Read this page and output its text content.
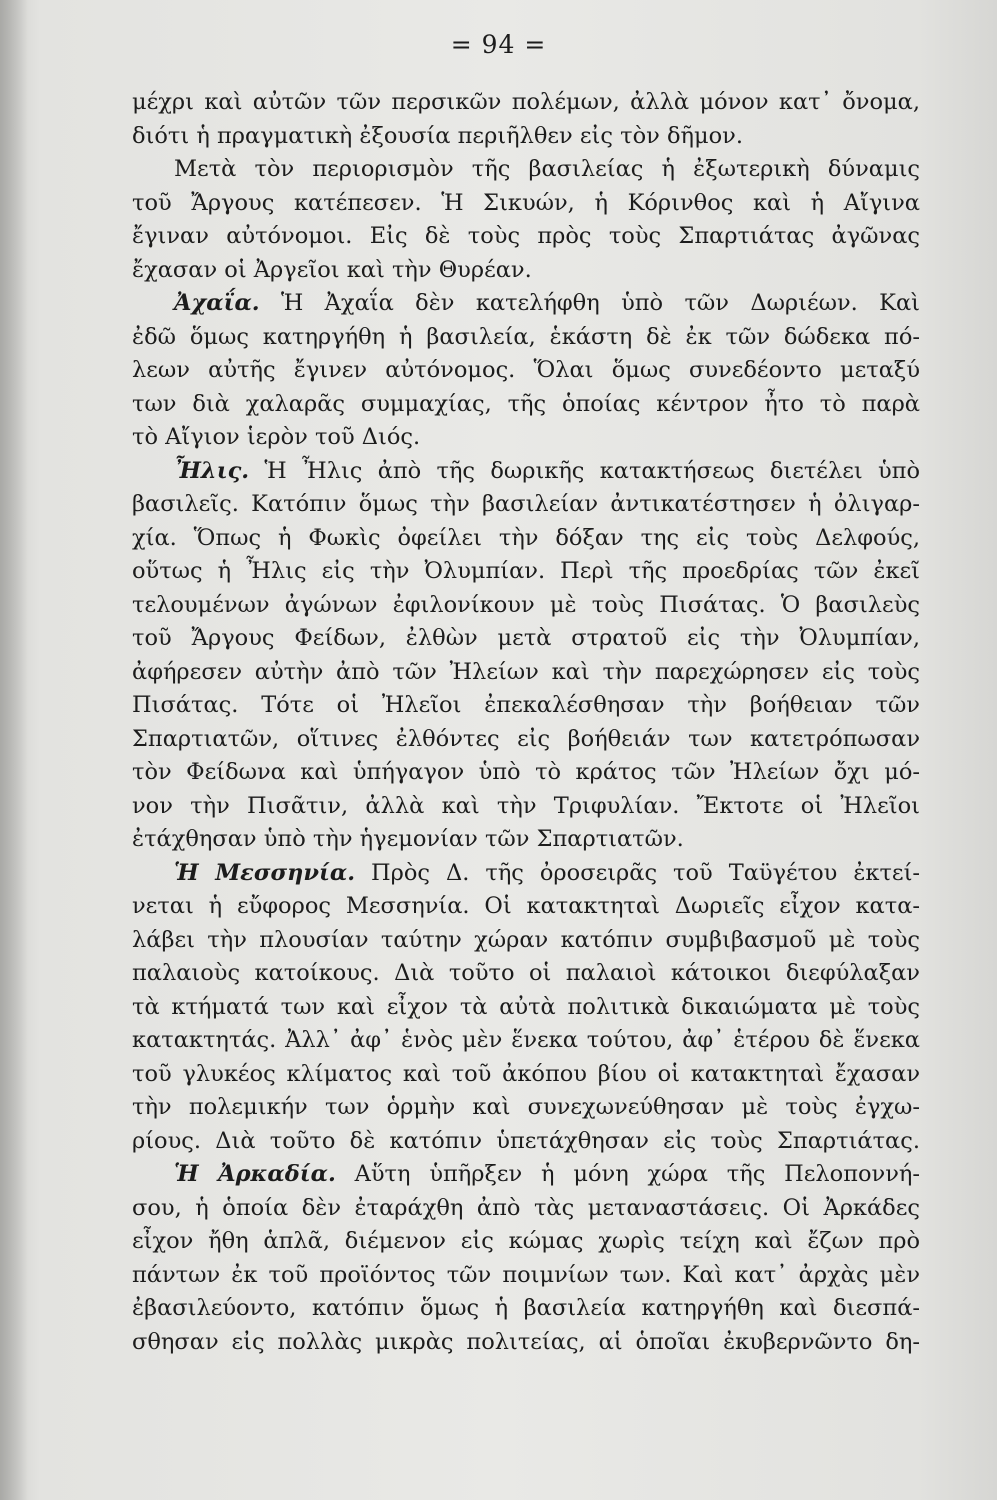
= 94 =
μέχρι καὶ αὐτῶν τῶν περσικῶν πολέμων, ἀλλὰ μόνον κατ᾽ ὄνομα,
διότι ἡ πραγματικὴ ἐξουσία περιῆλθεν εἰς τὸν δῆμον.
Μετὰ τὸν περιορισμὸν τῆς βασιλείας ἡ ἐξωτερικὴ δύναμις
τοῦ Ἄργους κατέπεσεν. Ἡ Σικυών, ἡ Κόρινθος καὶ ἡ Αἴγινα
ἔγιναν αὐτόνομοι. Εἰς δὲ τοὺς πρὸς τοὺς Σπαρτιάτας ἀγῶνας
ἔχασαν οἱ Ἀργεῖοι καὶ τὴν Θυρέαν.
Ἀχαΐα. Ἡ Ἀχαΐα δὲν κατελήφθη ὑπὸ τῶν Δωριέων. Καὶ
ἐδῶ ὅμως κατηργήθη ἡ βασιλεία, ἑκάστη δὲ ἐκ τῶν δώδεκα πό-
λεων αὐτῆς ἔγινεν αὐτόνομος. Ὅλαι ὅμως συνεδέοντο μεταξύ
των διὰ χαλαρᾶς συμμαχίας, τῆς ὁποίας κέντρον ἦτο τὸ παρὰ
τὸ Αἴγιον ἱερὸν τοῦ Διός.
Ἦλις. Ἡ Ἦλις ἀπὸ τῆς δωρικῆς κατακτήσεως διετέλει ὑπὸ
βασιλεῖς. Κατόπιν ὅμως τὴν βασιλείαν ἀντικατέστησεν ἡ ὀλιγαρ-
χία. Ὅπως ἡ Φωκὶς ὀφείλει τὴν δόξαν της εἰς τοὺς Δελφούς,
οὕτως ἡ Ἦλις εἰς τὴν Ὀλυμπίαν. Περὶ τῆς προεδρίας τῶν ἐκεῖ
τελουμένων ἀγώνων ἐφιλονίκουν μὲ τοὺς Πισάτας. Ὁ βασιλεὺς
τοῦ Ἄργους Φείδων, ἐλθὼν μετὰ στρατοῦ εἰς τὴν Ὀλυμπίαν,
ἀφήρεσεν αὐτὴν ἀπὸ τῶν Ἠλείων καὶ τὴν παρεχώρησεν εἰς τοὺς
Πισάτας. Τότε οἱ Ἠλεῖοι ἐπεκαλέσθησαν τὴν βοήθειαν τῶν
Σπαρτιατῶν, οἵτινες ἐλθόντες εἰς βοήθειάν των κατετρόπωσαν
τὸν Φείδωνα καὶ ὑπήγαγον ὑπὸ τὸ κράτος τῶν Ἠλείων ὄχι μό-
νον τὴν Πισᾶτιν, ἀλλὰ καὶ τὴν Τριφυλίαν. Ἔκτοτε οἱ Ἠλεῖοι
ἐτάχθησαν ὑπὸ τὴν ἡγεμονίαν τῶν Σπαρτιατῶν.
Ἡ Μεσσηνία. Πρὸς Δ. τῆς ὀροσειρᾶς τοῦ Ταϋγέτου ἐκτεί-
νεται ἡ εὔφορος Μεσσηνία. Οἱ κατακτηταὶ Δωριεῖς εἶχον κατα-
λάβει τὴν πλουσίαν ταύτην χώραν κατόπιν συμβιβασμοῦ μὲ τοὺς
παλαιοὺς κατοίκους. Διὰ τοῦτο οἱ παλαιοὶ κάτοικοι διεφύλαξαν
τὰ κτήματά των καὶ εἶχον τὰ αὐτὰ πολιτικὰ δικαιώματα μὲ τοὺς
κατακτητάς. Ἀλλ᾽ ἀφ᾽ ἑνὸς μὲν ἕνεκα τούτου, ἀφ᾽ ἑτέρου δὲ ἕνεκα
τοῦ γλυκέος κλίματος καὶ τοῦ ἀκόπου βίου οἱ κατακτηταὶ ἔχασαν
τὴν πολεμικήν των ὁρμὴν καὶ συνεχωνεύθησαν μὲ τοὺς ἐγχω-
ρίους. Διὰ τοῦτο δὲ κατόπιν ὑπετάχθησαν εἰς τοὺς Σπαρτιάτας.
Ἡ Ἀρκαδία. Αὕτη ὑπῆρξεν ἡ μόνη χώρα τῆς Πελοποννή-
σου, ἡ ὁποία δὲν ἐταράχθη ἀπὸ τὰς μεταναστάσεις. Οἱ Ἀρκάδες
εἶχον ἤθη ἁπλᾶ, διέμενον εἰς κώμας χωρὶς τείχη καὶ ἔζων πρὸ
πάντων ἐκ τοῦ προϊόντος τῶν ποιμνίων των. Καὶ κατ᾽ ἀρχὰς μὲν
ἐβασιλεύοντο, κατόπιν ὅμως ἡ βασιλεία κατηργήθη καὶ διεσπά-
σθησαν εἰς πολλὰς μικρὰς πολιτείας, αἱ ὁποῖαι ἐκυβερνῶντο δη-
